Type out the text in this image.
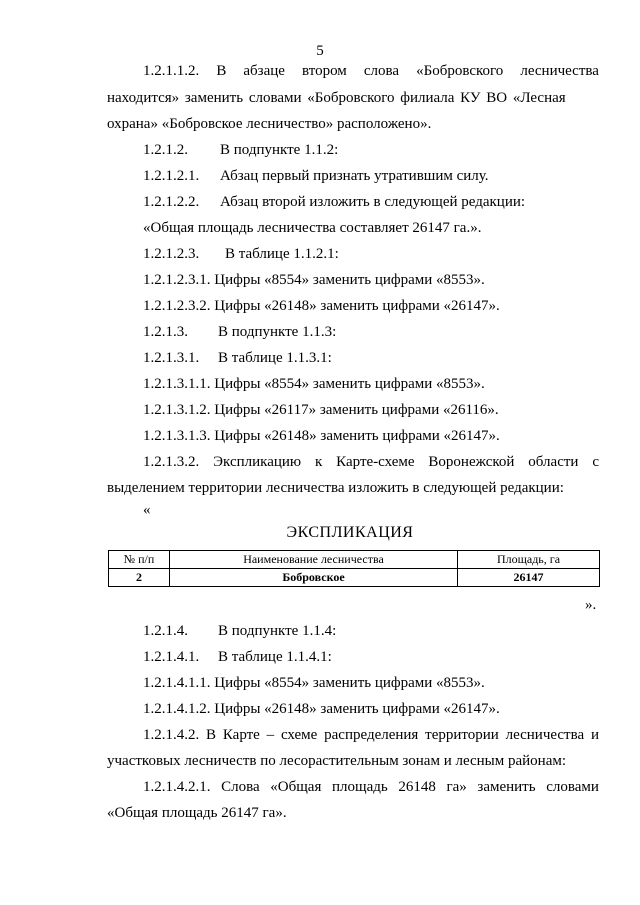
5
1.2.1.1.2. В абзаце втором слова «Бобровского лесничества
находится» заменить словами «Бобровского филиала КУ ВО «Лесная
охрана» «Бобровское лесничество» расположено».
1.2.1.2. В подпункте 1.1.2:
1.2.1.2.1. Абзац первый признать утратившим силу.
1.2.1.2.2. Абзац второй изложить в следующей редакции:
«Общая площадь лесничества составляет 26147 га.».
1.2.1.2.3. В таблице 1.1.2.1:
1.2.1.2.3.1. Цифры «8554» заменить цифрами «8553».
1.2.1.2.3.2. Цифры «26148» заменить цифрами «26147».
1.2.1.3. В подпункте 1.1.3:
1.2.1.3.1. В таблице 1.1.3.1:
1.2.1.3.1.1. Цифры «8554» заменить цифрами «8553».
1.2.1.3.1.2. Цифры «26117» заменить цифрами «26116».
1.2.1.3.1.3. Цифры «26148» заменить цифрами «26147».
1.2.1.3.2. Экспликацию к Карте-схеме Воронежской области с
выделением территории лесничества изложить в следующей редакции:
«
ЭКСПЛИКАЦИЯ
№ п/п	Наименование лесничества	Площадь, га
2	Бобровское	26147
».
1.2.1.4. В подпункте 1.1.4:
1.2.1.4.1. В таблице 1.1.4.1:
1.2.1.4.1.1. Цифры «8554» заменить цифрами «8553».
1.2.1.4.1.2. Цифры «26148» заменить цифрами «26147».
1.2.1.4.2. В Карте – схеме распределения территории лесничества и
участковых лесничеств по лесорастительным зонам и лесным районам:
1.2.1.4.2.1. Слова «Общая площадь 26148 га» заменить словами
«Общая площадь 26147 га».
